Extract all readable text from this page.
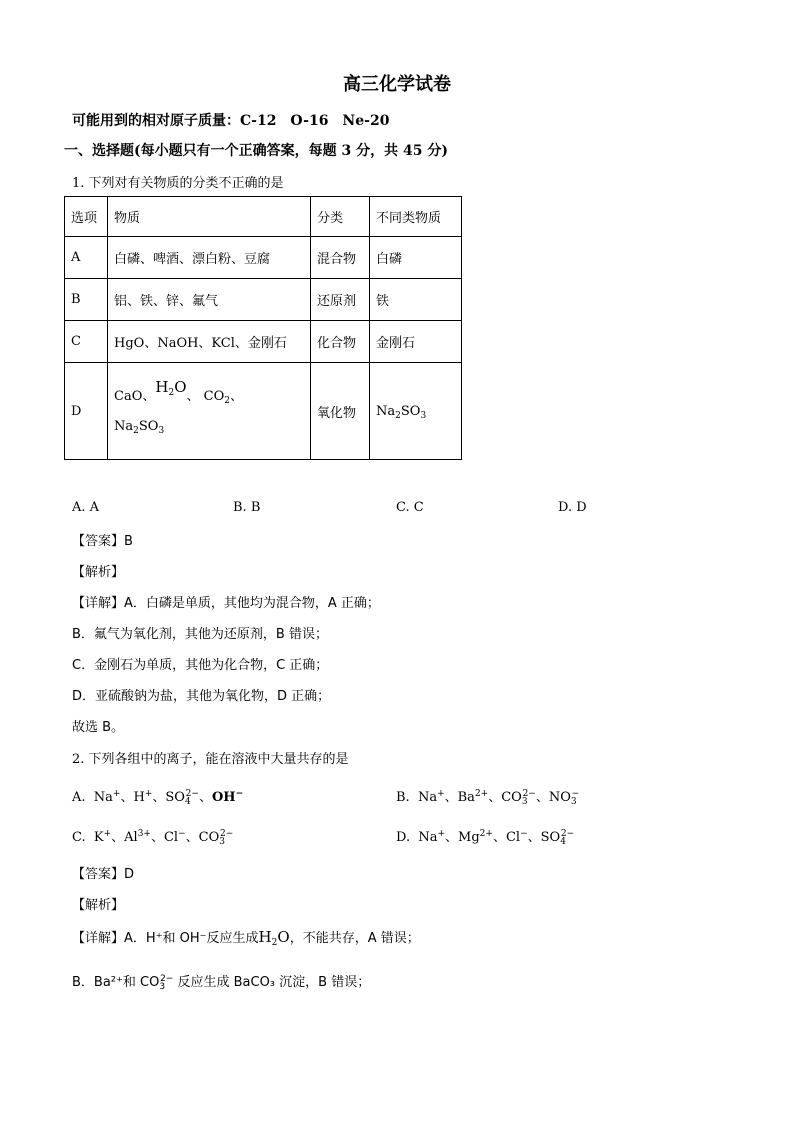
高三化学试卷
可能用到的相对原子质量：C-12　O-16　Ne-20
一、选择题(每小题只有一个正确答案，每题 3 分，共 45 分)
1. 下列对有关物质的分类不正确的是
选项	物质	分类	不同类物质
A	白磷、啤酒、漂白粉、豆腐	混合物	白磷
B	铝、铁、锌、氟气	还原剂	铁
C	HgO、NaOH、KCl、金刚石	化合物	金刚石
D	CaO、$H_2O$、 $CO_2$、
$Na_2SO_3$	氧化物	$Na_2SO_3$
A. A	B. B	C. C	D. D
【答案】B
【解析】
【详解】A．白磷是单质，其他均为混合物，A 正确；
B．氟气为氧化剂，其他为还原剂，B 错误；
C．金刚石为单质，其他为化合物，C 正确；
D．亚硫酸钠为盐，其他为氧化物，D 正确；
故选 B。
2. 下列各组中的离子，能在溶液中大量共存的是
A.  Na+、H+、$SO_4^{2-}$、OH−	B.  Na+、$Ba^{2+}$、$CO_3^{2-}$、$NO_3^-$
C.  K+、$Al^{3+}$、Cl−、$CO_3^{2-}$	D.  Na+、$Mg^{2+}$、Cl−、$SO_4^{2-}$
【答案】D
【解析】
【详解】A．H⁺和 OH⁻反应生成$H_2O$，不能共存，A 错误；
B．Ba²⁺和 $CO_3^{2-}$ 反应生成 BaCO₃ 沉淀，B 错误；
